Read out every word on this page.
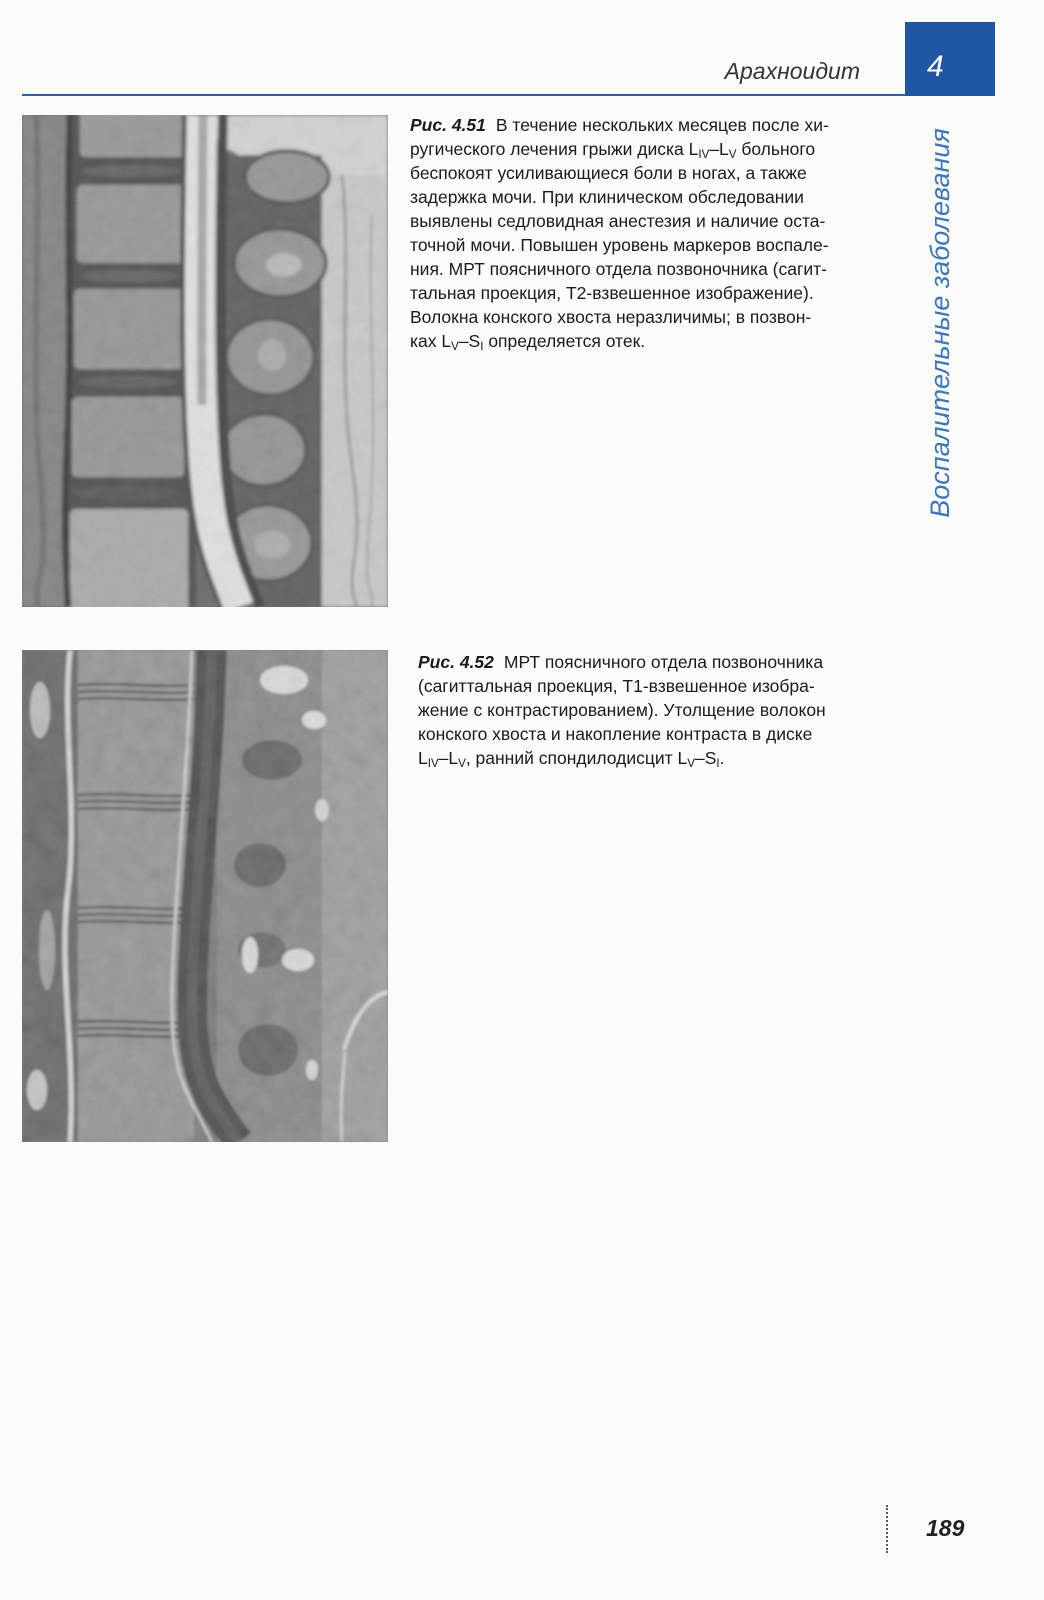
Арахноидит 4
Воспалительные заболевания
Рис. 4.51 В течение нескольких месяцев после хи-
ругического лечения грыжи диска $L_{IV}-L_V$ больного
беспокоят усиливающиеся боли в ногах, а также
задержка мочи. При клиническом обследовании
выявлены седловидная анестезия и наличие оста-
точной мочи. Повышен уровень маркеров воспале-
ния. МРТ поясничного отдела позвоночника (сагит-
тальная проекция, T2-взвешенное изображение).
Волокна конского хвоста неразличимы; в позвон-
ках $L_V-S_I$ определяется отек.
Рис. 4.52 МРТ поясничного отдела позвоночника
(сагиттальная проекция, T1-взвешенное изобра-
жение с контрастированием). Утолщение волокон
конского хвоста и накопление контраста в диске
$L_{IV}-L_V$, ранний спондилодисцит $L_V-S_I$.
189
